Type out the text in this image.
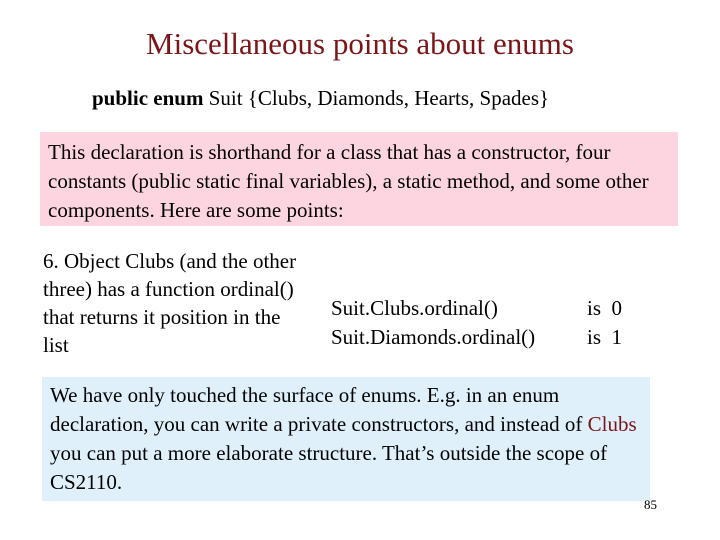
Miscellaneous points about enums
public enum Suit {Clubs, Diamonds, Hearts, Spades}
This declaration is shorthand for a class that has a constructor, four constants (public static final variables), a static method, and some other components. Here are some points:
6. Object Clubs (and the other three) has a function ordinal() that returns it position in the list
Suit.Clubs.ordinal()	is  0
Suit.Diamonds.ordinal() is  1
We have only touched the surface of enums. E.g. in an enum declaration, you can write a private constructors, and instead of Clubs you can put a more elaborate structure. That’s outside the scope of CS2110.
85
